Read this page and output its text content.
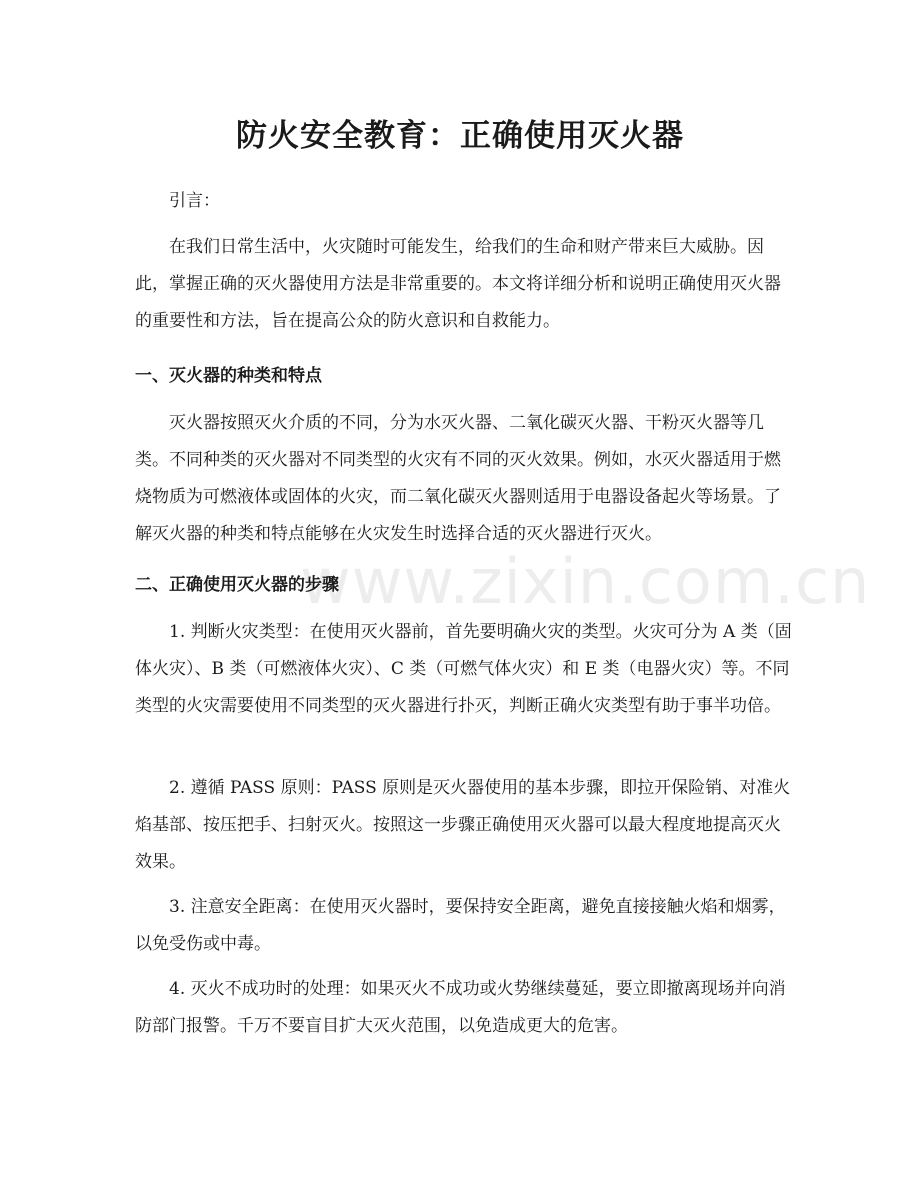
防火安全教育：正确使用灭火器

引言：

在我们日常生活中，火灾随时可能发生，给我们的生命和财产带来巨大威胁。因此，掌握正确的灭火器使用方法是非常重要的。本文将详细分析和说明正确使用灭火器的重要性和方法，旨在提高公众的防火意识和自救能力。

一、灭火器的种类和特点

灭火器按照灭火介质的不同，分为水灭火器、二氧化碳灭火器、干粉灭火器等几类。不同种类的灭火器对不同类型的火灾有不同的灭火效果。例如，水灭火器适用于燃烧物质为可燃液体或固体的火灾，而二氧化碳灭火器则适用于电器设备起火等场景。了解灭火器的种类和特点能够在火灾发生时选择合适的灭火器进行灭火。

二、正确使用灭火器的步骤

1. 判断火灾类型：在使用灭火器前，首先要明确火灾的类型。火灾可分为 A 类（固体火灾）、B 类（可燃液体火灾）、C 类（可燃气体火灾）和 E 类（电器火灾）等。不同类型的火灾需要使用不同类型的灭火器进行扑灭，判断正确火灾类型有助于事半功倍。

2. 遵循 PASS 原则：PASS 原则是灭火器使用的基本步骤，即拉开保险销、对准火焰基部、按压把手、扫射灭火。按照这一步骤正确使用灭火器可以最大程度地提高灭火效果。

3. 注意安全距离：在使用灭火器时，要保持安全距离，避免直接接触火焰和烟雾，以免受伤或中毒。

4. 灭火不成功时的处理：如果灭火不成功或火势继续蔓延，要立即撤离现场并向消防部门报警。千万不要盲目扩大灭火范围，以免造成更大的危害。

www.zixin.com.cn
